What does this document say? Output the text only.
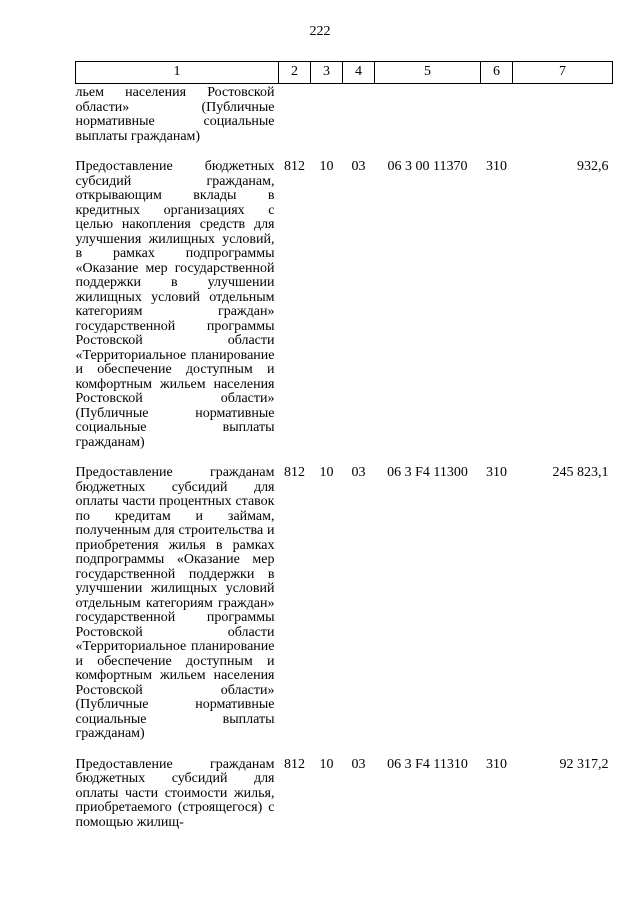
222
1	2	3	4	5	6	7
льем населения Ростовской области» (Публичные нормативные социальные выплаты гражданам)						
Предоставление бюджетных субсидий гражданам, открывающим вклады в кредитных организациях с целью накопления средств для улучшения жилищных условий, в рамках подпрограммы «Оказание мер государственной поддержки в улучшении жилищных условий отдельным категориям граждан» государственной программы Ростовской области «Территориальное планирование и обеспечение доступным и комфортным жильем населения Ростовской области» (Публичные нормативные социальные выплаты гражданам)	812	10	03	06 3 00 11370	310	932,6
Предоставление гражданам бюджетных субсидий для оплаты части процентных ставок по кредитам и займам, полученным для строительства и приобретения жилья в рамках подпрограммы «Оказание мер государственной поддержки в улучшении жилищных условий отдельным категориям граждан» государственной программы Ростовской области «Территориальное планирование и обеспечение доступным и комфортным жильем населения Ростовской области» (Публичные нормативные социальные выплаты гражданам)	812	10	03	06 3 F4 11300	310	245 823,1
Предоставление гражданам бюджетных субсидий для оплаты части стоимости жилья, приобретаемого (строящегося) с помощью жилищ-	812	10	03	06 3 F4 11310	310	92 317,2
